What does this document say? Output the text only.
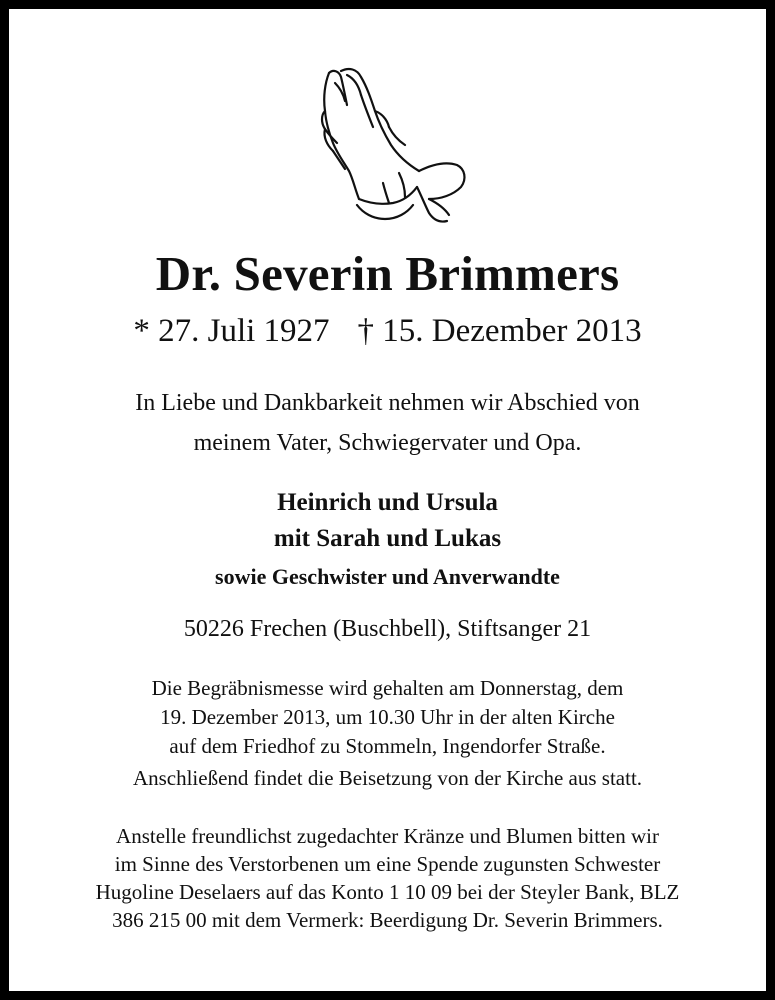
Dr. Severin Brimmers
* 27. Juli 1927 † 15. Dezember 2013
In Liebe und Dankbarkeit nehmen wir Abschied von
meinem Vater, Schwiegervater und Opa.
Heinrich und Ursula
mit Sarah und Lukas
sowie Geschwister und Anverwandte
50226 Frechen (Buschbell), Stiftsanger 21
Die Begräbnismesse wird gehalten am Donnerstag, dem
19. Dezember 2013, um 10.30 Uhr in der alten Kirche
auf dem Friedhof zu Stommeln, Ingendorfer Straße.
Anschließend findet die Beisetzung von der Kirche aus statt.
Anstelle freundlichst zugedachter Kränze und Blumen bitten wir
im Sinne des Verstorbenen um eine Spende zugunsten Schwester
Hugoline Deselaers auf das Konto 1 10 09 bei der Steyler Bank, BLZ
386 215 00 mit dem Vermerk: Beerdigung Dr. Severin Brimmers.
